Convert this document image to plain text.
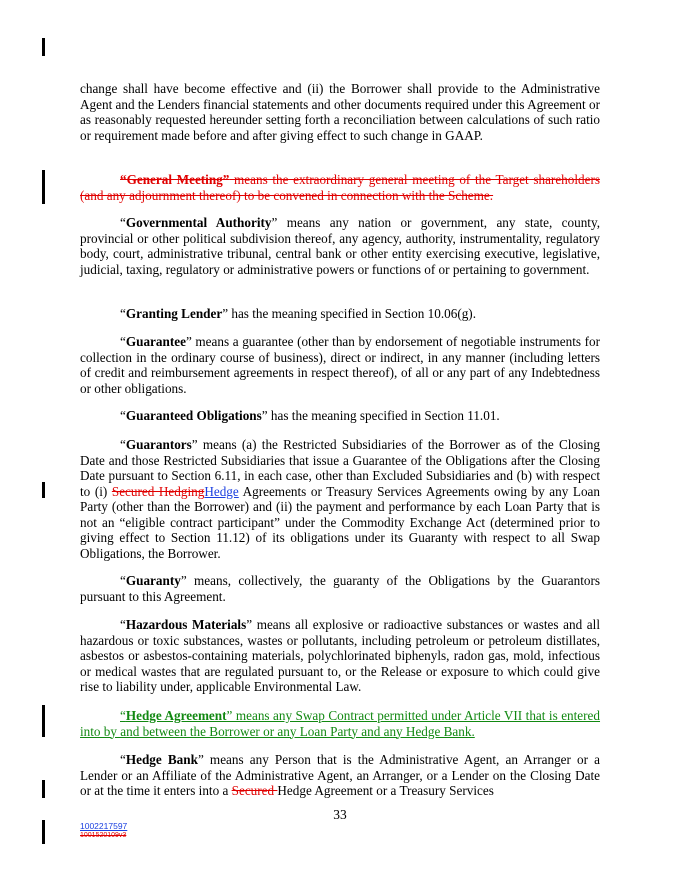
change shall have become effective and (ii) the Borrower shall provide to the Administrative Agent and the Lenders financial statements and other documents required under this Agreement or as reasonably requested hereunder setting forth a reconciliation between calculations of such ratio or requirement made before and after giving effect to such change in GAAP.

“General Meeting” means the extraordinary general meeting of the Target shareholders (and any adjournment thereof) to be convened in connection with the Scheme.

“Governmental Authority” means any nation or government, any state, county, provincial or other political subdivision thereof, any agency, authority, instrumentality, regulatory body, court, administrative tribunal, central bank or other entity exercising executive, legislative, judicial, taxing, regulatory or administrative powers or functions of or pertaining to government.

“Granting Lender” has the meaning specified in Section 10.06(g).

“Guarantee” means a guarantee (other than by endorsement of negotiable instruments for collection in the ordinary course of business), direct or indirect, in any manner (including letters of credit and reimbursement agreements in respect thereof), of all or any part of any Indebtedness or other obligations.

“Guaranteed Obligations” has the meaning specified in Section 11.01.

“Guarantors” means (a) the Restricted Subsidiaries of the Borrower as of the Closing Date and those Restricted Subsidiaries that issue a Guarantee of the Obligations after the Closing Date pursuant to Section 6.11, in each case, other than Excluded Subsidiaries and (b) with respect to (i) Secured HedgingHedge Agreements or Treasury Services Agreements owing by any Loan Party (other than the Borrower) and (ii) the payment and performance by each Loan Party that is not an “eligible contract participant” under the Commodity Exchange Act (determined prior to giving effect to Section 11.12) of its obligations under its Guaranty with respect to all Swap Obligations, the Borrower.

“Guaranty” means, collectively, the guaranty of the Obligations by the Guarantors pursuant to this Agreement.

“Hazardous Materials” means all explosive or radioactive substances or wastes and all hazardous or toxic substances, wastes or pollutants, including petroleum or petroleum distillates, asbestos or asbestos-containing materials, polychlorinated biphenyls, radon gas, mold, infectious or medical wastes that are regulated pursuant to, or the Release or exposure to which could give rise to liability under, applicable Environmental Law.

“Hedge Agreement” means any Swap Contract permitted under Article VII that is entered into by and between the Borrower or any Loan Party and any Hedge Bank.

“Hedge Bank” means any Person that is the Administrative Agent, an Arranger or a Lender or an Affiliate of the Administrative Agent, an Arranger, or a Lender on the Closing Date or at the time it enters into a Secured Hedge Agreement or a Treasury Services

33
1002217597
1001520109v3
